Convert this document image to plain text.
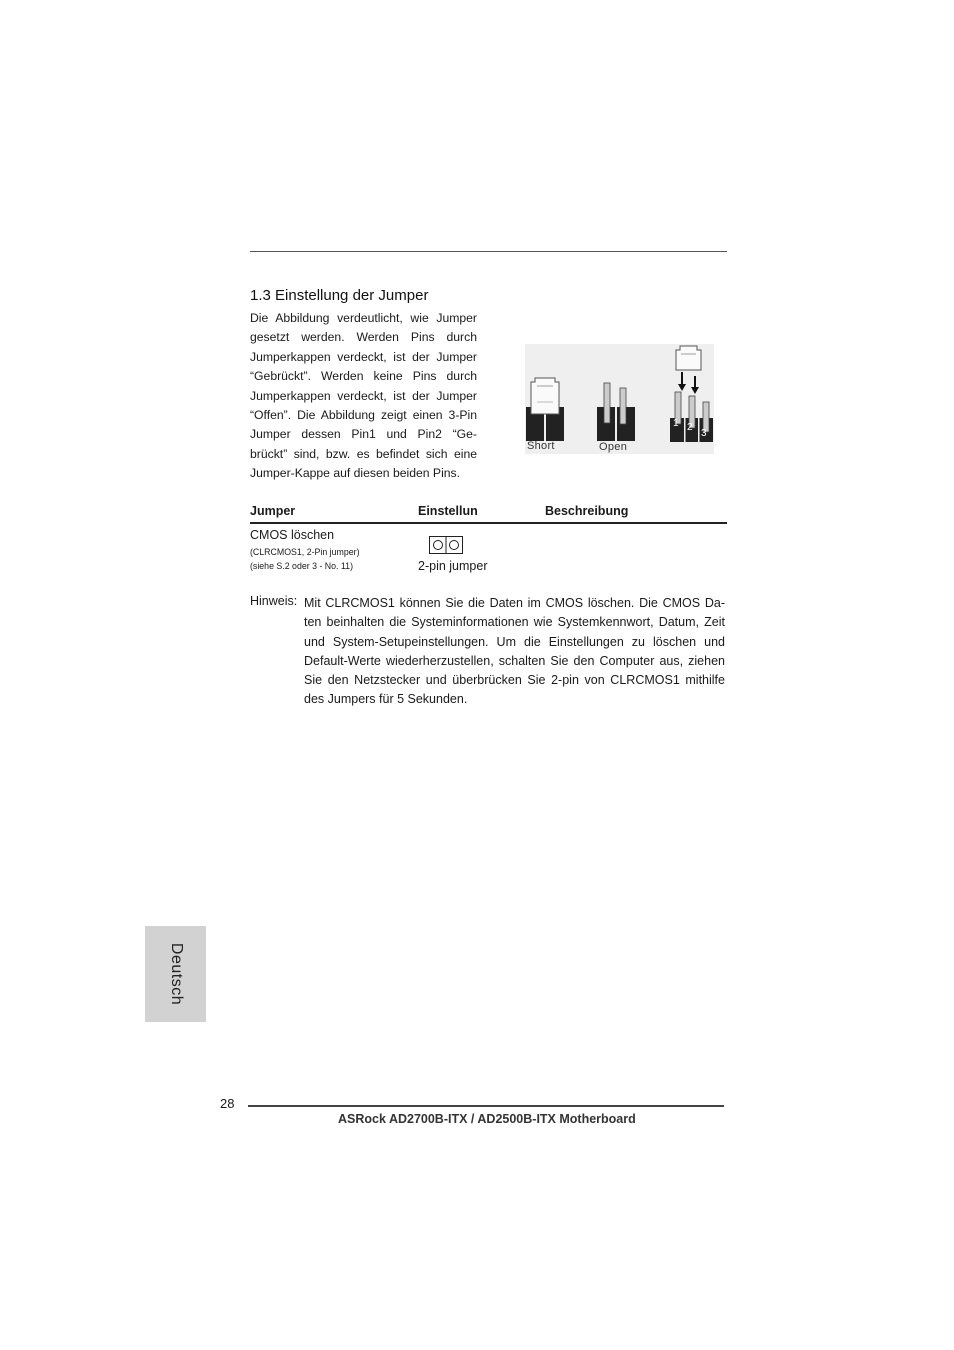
1.3 Einstellung der Jumper
Die Abbildung verdeutlicht, wie Jumper
gesetzt werden. Werden Pins durch
Jumperkappen verdeckt, ist der Jumper
“Gebrückt”. Werden keine Pins durch
Jumperkappen verdeckt, ist der Jumper
“Offen”. Die Abbildung zeigt einen 3-Pin
Jumper dessen Pin1 und Pin2 “Ge-
brückt” sind, bzw. es befindet sich eine
Jumper-Kappe auf diesen beiden Pins.
Short	Open
1 2
3
Jumper	Einstellun	Beschreibung
CMOS löschen
(CLRCMOS1, 2-Pin jumper)
(siehe S.2 oder 3 - No. 11)	2-pin jumper
Hinweis: Mit CLRCMOS1 können Sie die Daten im CMOS löschen. Die CMOS Da-
ten beinhalten die Systeminformationen wie Systemkennwort, Datum, Zeit
und System-Setupeinstellungen. Um die Einstellungen zu löschen und
Default-Werte wiederherzustellen, schalten Sie den Computer aus, ziehen
Sie den Netzstecker und überbrücken Sie 2-pin von CLRCMOS1 mithilfe
des Jumpers für 5 Sekunden.
Deutsch
28
ASRock AD2700B-ITX / AD2500B-ITX Motherboard
